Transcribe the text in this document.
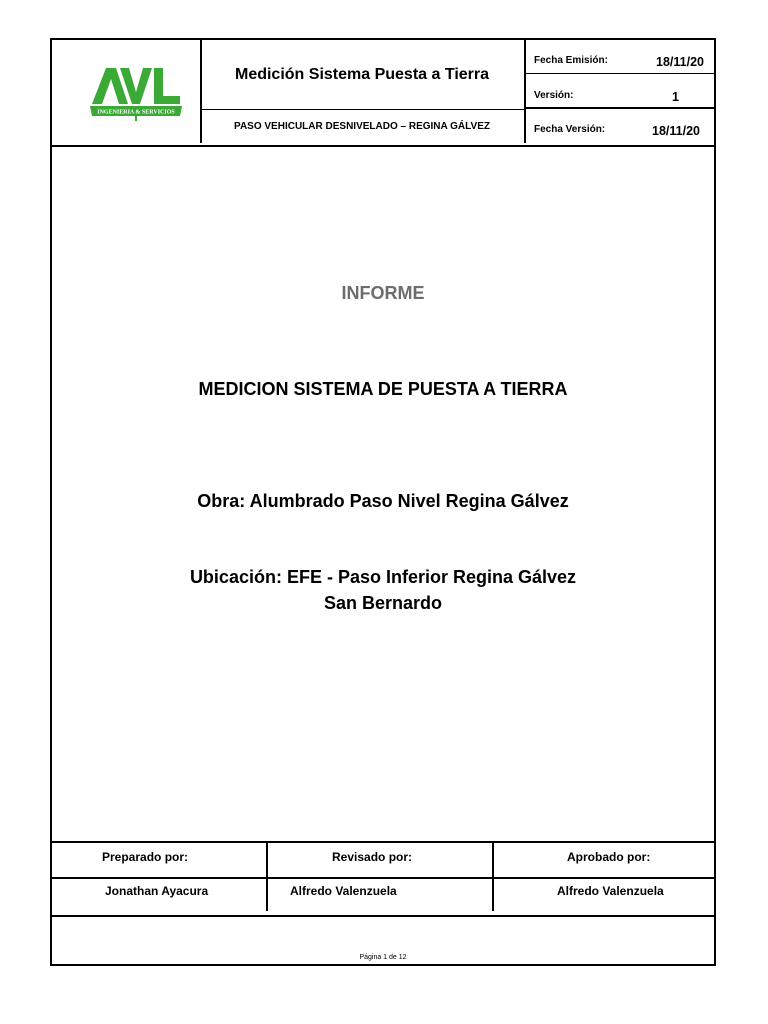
INGENIERIA & SERVICIOS
Medición Sistema Puesta a Tierra
PASO VEHICULAR DESNIVELADO – REGINA GÁLVEZ
Fecha Emisión:	18/11/20
Versión:	1
Fecha Versión:	18/11/20
INFORME
MEDICION SISTEMA DE PUESTA A TIERRA
Obra: Alumbrado Paso Nivel Regina Gálvez
Ubicación: EFE - Paso Inferior Regina Gálvez
San Bernardo
Preparado por:
Jonathan Ayacura
Revisado por:
Alfredo Valenzuela
Aprobado por:
Alfredo Valenzuela
Página 1 de 12
